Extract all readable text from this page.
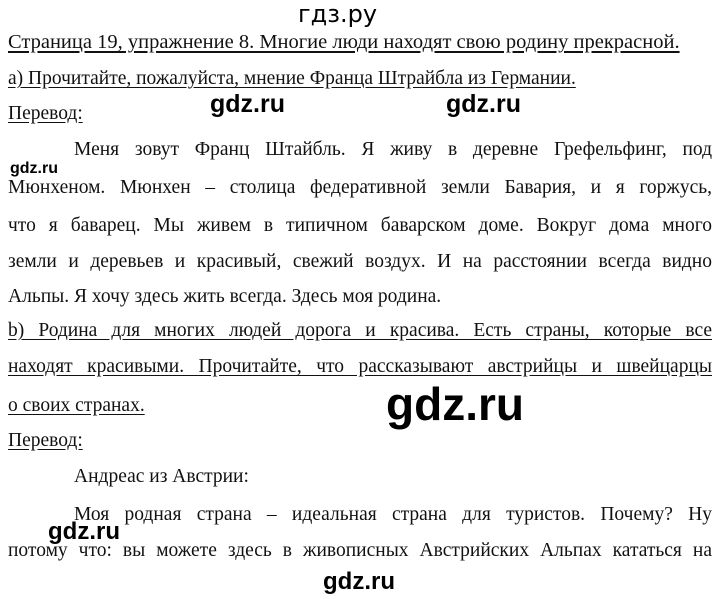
гдз.ру
gdz.ru	gdz.ru
gdz.ru
gdz.ru
gdz.ru
gdz.ru
Страница 19, упражнение 8. Многие люди находят свою родину прекрасной.
a) Прочитайте, пожалуйста, мнение Франца Штрайбла из Германии.
Перевод:
Меня зовут Франц Штайбль. Я живу в деревне Грефельфинг, под
Мюнхеном. Мюнхен – столица федеративной земли Бавария, и я горжусь,
что я баварец. Мы живем в типичном баварском доме. Вокруг дома много
земли и деревьев и красивый, свежий воздух. И на расстоянии всегда видно
Альпы. Я хочу здесь жить всегда. Здесь моя родина.
b) Родина для многих людей дорога и красива. Есть страны, которые все
находят красивыми. Прочитайте, что рассказывают австрийцы и швейцарцы
о своих странах.
Перевод:
Андреас из Австрии:
Моя родная страна – идеальная страна для туристов. Почему? Ну
потому что: вы можете здесь в живописных Австрийских Альпах кататься на
